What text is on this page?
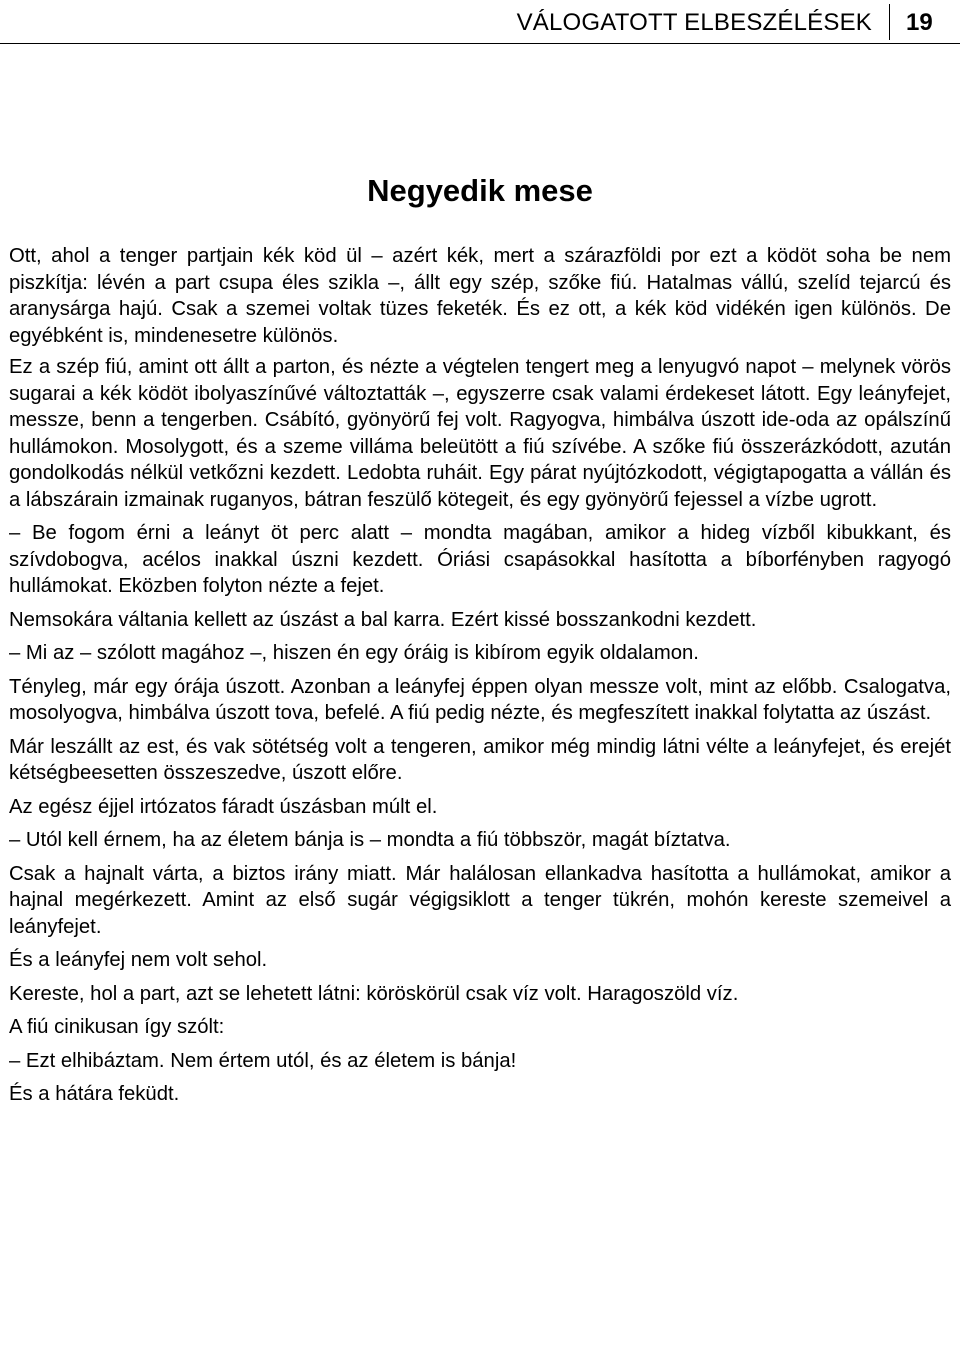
VÁLOGATOTT ELBESZÉLÉSEK 19
Negyedik mese

Ott, ahol a tenger partjain kék köd ül – azért kék, mert a szárazföldi por ezt a ködöt soha be nem piszkítja: lévén a part csupa éles szikla –, állt egy szép, szőke fiú. Hatalmas vállú, szelíd tejarcú és aranysárga hajú. Csak a szemei voltak tüzes feketék. És ez ott, a kék köd vidékén igen különös. De egyébként is, mindenesetre különös.

Ez a szép fiú, amint ott állt a parton, és nézte a végtelen tengert meg a lenyugvó napot – melynek vörös sugarai a kék ködöt ibolyaszínűvé változtatták –, egyszerre csak valami érdekeset látott. Egy leányfejet, messze, benn a tengerben. Csábító, gyönyörű fej volt. Ragyogva, himbálva úszott ide-oda az opálszínű hullámokon. Mosolygott, és a szeme villáma beleütött a fiú szívébe. A szőke fiú összerázkódott, azután gondolkodás nélkül vetkőzni kezdett. Ledobta ruháit. Egy párat nyújtózkodott, végigtapogatta a vállán és a lábszárain izmainak ruganyos, bátran feszülő kötegeit, és egy gyönyörű fejessel a vízbe ugrott.

– Be fogom érni a leányt öt perc alatt – mondta magában, amikor a hideg vízből kibukkant, és szívdobogva, acélos inakkal úszni kezdett. Óriási csapásokkal hasította a bíborfényben ragyogó hullámokat. Eközben folyton nézte a fejet.

Nemsokára váltania kellett az úszást a bal karra. Ezért kissé bosszankodni kezdett.

– Mi az – szólott magához –, hiszen én egy óráig is kibírom egyik oldalamon.

Tényleg, már egy órája úszott. Azonban a leányfej éppen olyan messze volt, mint az előbb. Csalogatva, mosolyogva, himbálva úszott tova, befelé. A fiú pedig nézte, és megfeszített inakkal folytatta az úszást.

Már leszállt az est, és vak sötétség volt a tengeren, amikor még mindig látni vélte a leányfejet, és erejét kétségbeesetten összeszedve, úszott előre.

Az egész éjjel irtózatos fáradt úszásban múlt el.

– Utól kell érnem, ha az életem bánja is – mondta a fiú többször, magát bíztatva.

Csak a hajnalt várta, a biztos irány miatt. Már halálosan ellankadva hasította a hullámokat, amikor a hajnal megérkezett. Amint az első sugár végigsiklott a tenger tükrén, mohón kereste szemeivel a leányfejet.

És a leányfej nem volt sehol.

Kereste, hol a part, azt se lehetett látni: köröskörül csak víz volt. Haragoszöld víz.

A fiú cinikusan így szólt:

– Ezt elhibáztam. Nem értem utól, és az életem is bánja!

És a hátára feküdt.
